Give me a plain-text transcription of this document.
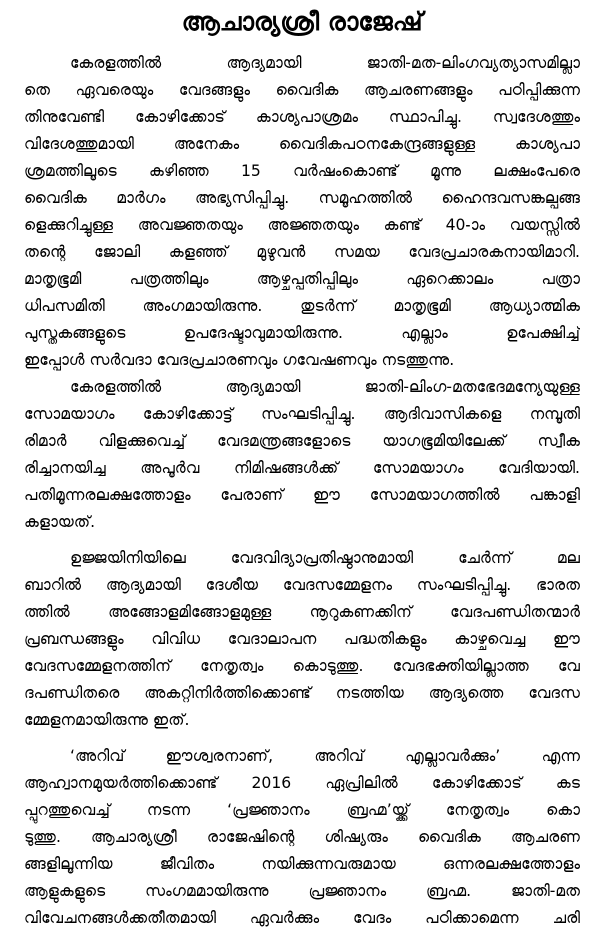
ആചാര്യശ്രീ രാജേഷ്
കേരളത്തിൽ ആദ്യമായി ജാതി-മത-ലിംഗവ്യത്യാസമില്ലാ
തെ ഏവരെയും വേദങ്ങളും വൈദിക ആചരണങ്ങളും പഠിപ്പിക്കുന്ന
തിനുവേണ്ടി കോഴിക്കോട് കാശ്യപാശ്രമം സ്ഥാപിച്ചു. സ്വദേശത്തും
വിദേശത്തുമായി അനേകം വൈദികപഠനകേന്ദ്രങ്ങളുള്ള കാശ്യപാ
ശ്രമത്തിലൂടെ കഴിഞ്ഞ 15 വർഷംകൊണ്ട് മൂന്നു ലക്ഷംപേരെ
വൈദിക മാർഗം അഭ്യസിപ്പിച്ചു. സമൂഹത്തിൽ ഹൈന്ദവസങ്കല്പങ്ങ
ളെക്കുറിച്ചുള്ള അവജ്ഞതയും അജ്ഞതയും കണ്ട് 40-ാം വയസ്സിൽ
തന്റെ ജോലി കളഞ്ഞ് മുഴുവൻ സമയ വേദപ്രചാരകനായിമാറി.
മാതൃഭൂമി പത്രത്തിലും ആഴ്ചപ്പതിപ്പിലും ഏറെക്കാലം പത്രാ
ധിപസമിതി അംഗമായിരുന്നു. തുടർന്ന് മാതൃഭൂമി ആധ്യാത്മിക
പുസ്തകങ്ങളുടെ ഉപദേഷ്ടാവുമായിരുന്നു. എല്ലാം ഉപേക്ഷിച്ച്
ഇപ്പോൾ സർവദാ വേദപ്രചാരണവും ഗവേഷണവും നടത്തുന്നു.
കേരളത്തിൽ ആദ്യമായി ജാതി-ലിംഗ-മതഭേദമന്യേയുള്ള
സോമയാഗം കോഴിക്കോട്ട് സംഘടിപ്പിച്ചു. ആദിവാസികളെ നമ്പൂതി
രിമാർ വിളക്കുവെച്ച് വേദമന്ത്രങ്ങളോടെ യാഗഭൂമിയിലേക്ക് സ്വീക
രിച്ചാനയിച്ച അപൂർവ നിമിഷങ്ങൾക്ക് സോമയാഗം വേദിയായി.
പതിമൂന്നരലക്ഷത്തോളം പേരാണ് ഈ സോമയാഗത്തിൽ പങ്കാളി
കളായത്.
ഉജ്ജയിനിയിലെ വേദവിദ്യാപ്രതിഷ്ഠാനുമായി ചേർന്ന് മല
ബാറിൽ ആദ്യമായി ദേശീയ വേദസമ്മേളനം സംഘടിപ്പിച്ചു. ഭാരത
ത്തിൽ അങ്ങോളമിങ്ങോളമുള്ള നൂറുകണക്കിന് വേദപണ്ഡിതന്മാർ
പ്രബന്ധങ്ങളും വിവിധ വേദാലാപന പദ്ധതികളും കാഴ്ചവെച്ച ഈ
വേദസമ്മേളനത്തിന് നേതൃത്വം കൊടുത്തു. വേദഭക്തിയില്ലാത്ത വേ
ദപണ്ഡിതരെ അകറ്റിനിർത്തിക്കൊണ്ട് നടത്തിയ ആദ്യത്തെ വേദസ
മ്മേളനമായിരുന്നു ഇത്.
‘അറിവ് ഈശ്വരനാണ്, അറിവ് എല്ലാവർക്കും’ എന്ന
ആഹ്വാനമുയർത്തിക്കൊണ്ട് 2016 ഏപ്രിലിൽ കോഴിക്കോട് കട
പ്പുറത്തുവെച്ച് നടന്ന ‘പ്രജ്ഞാനം ബ്രഹ്മ’യ്ക്ക് നേതൃത്വം കൊ
ടുത്തു. ആചാര്യശ്രീ രാജേഷിന്റെ ശിഷ്യരും വൈദിക ആചരണ
ങ്ങളിലൂന്നിയ ജീവിതം നയിക്കുന്നവരുമായ ഒന്നരലക്ഷത്തോളം
ആളുകളുടെ സംഗമമായിരുന്നു പ്രജ്ഞാനം ബ്രഹ്മ. ജാതി-മത
വിവേചനങ്ങൾക്കതീതമായി ഏവർക്കും വേദം പഠിക്കാമെന്ന ചരി
